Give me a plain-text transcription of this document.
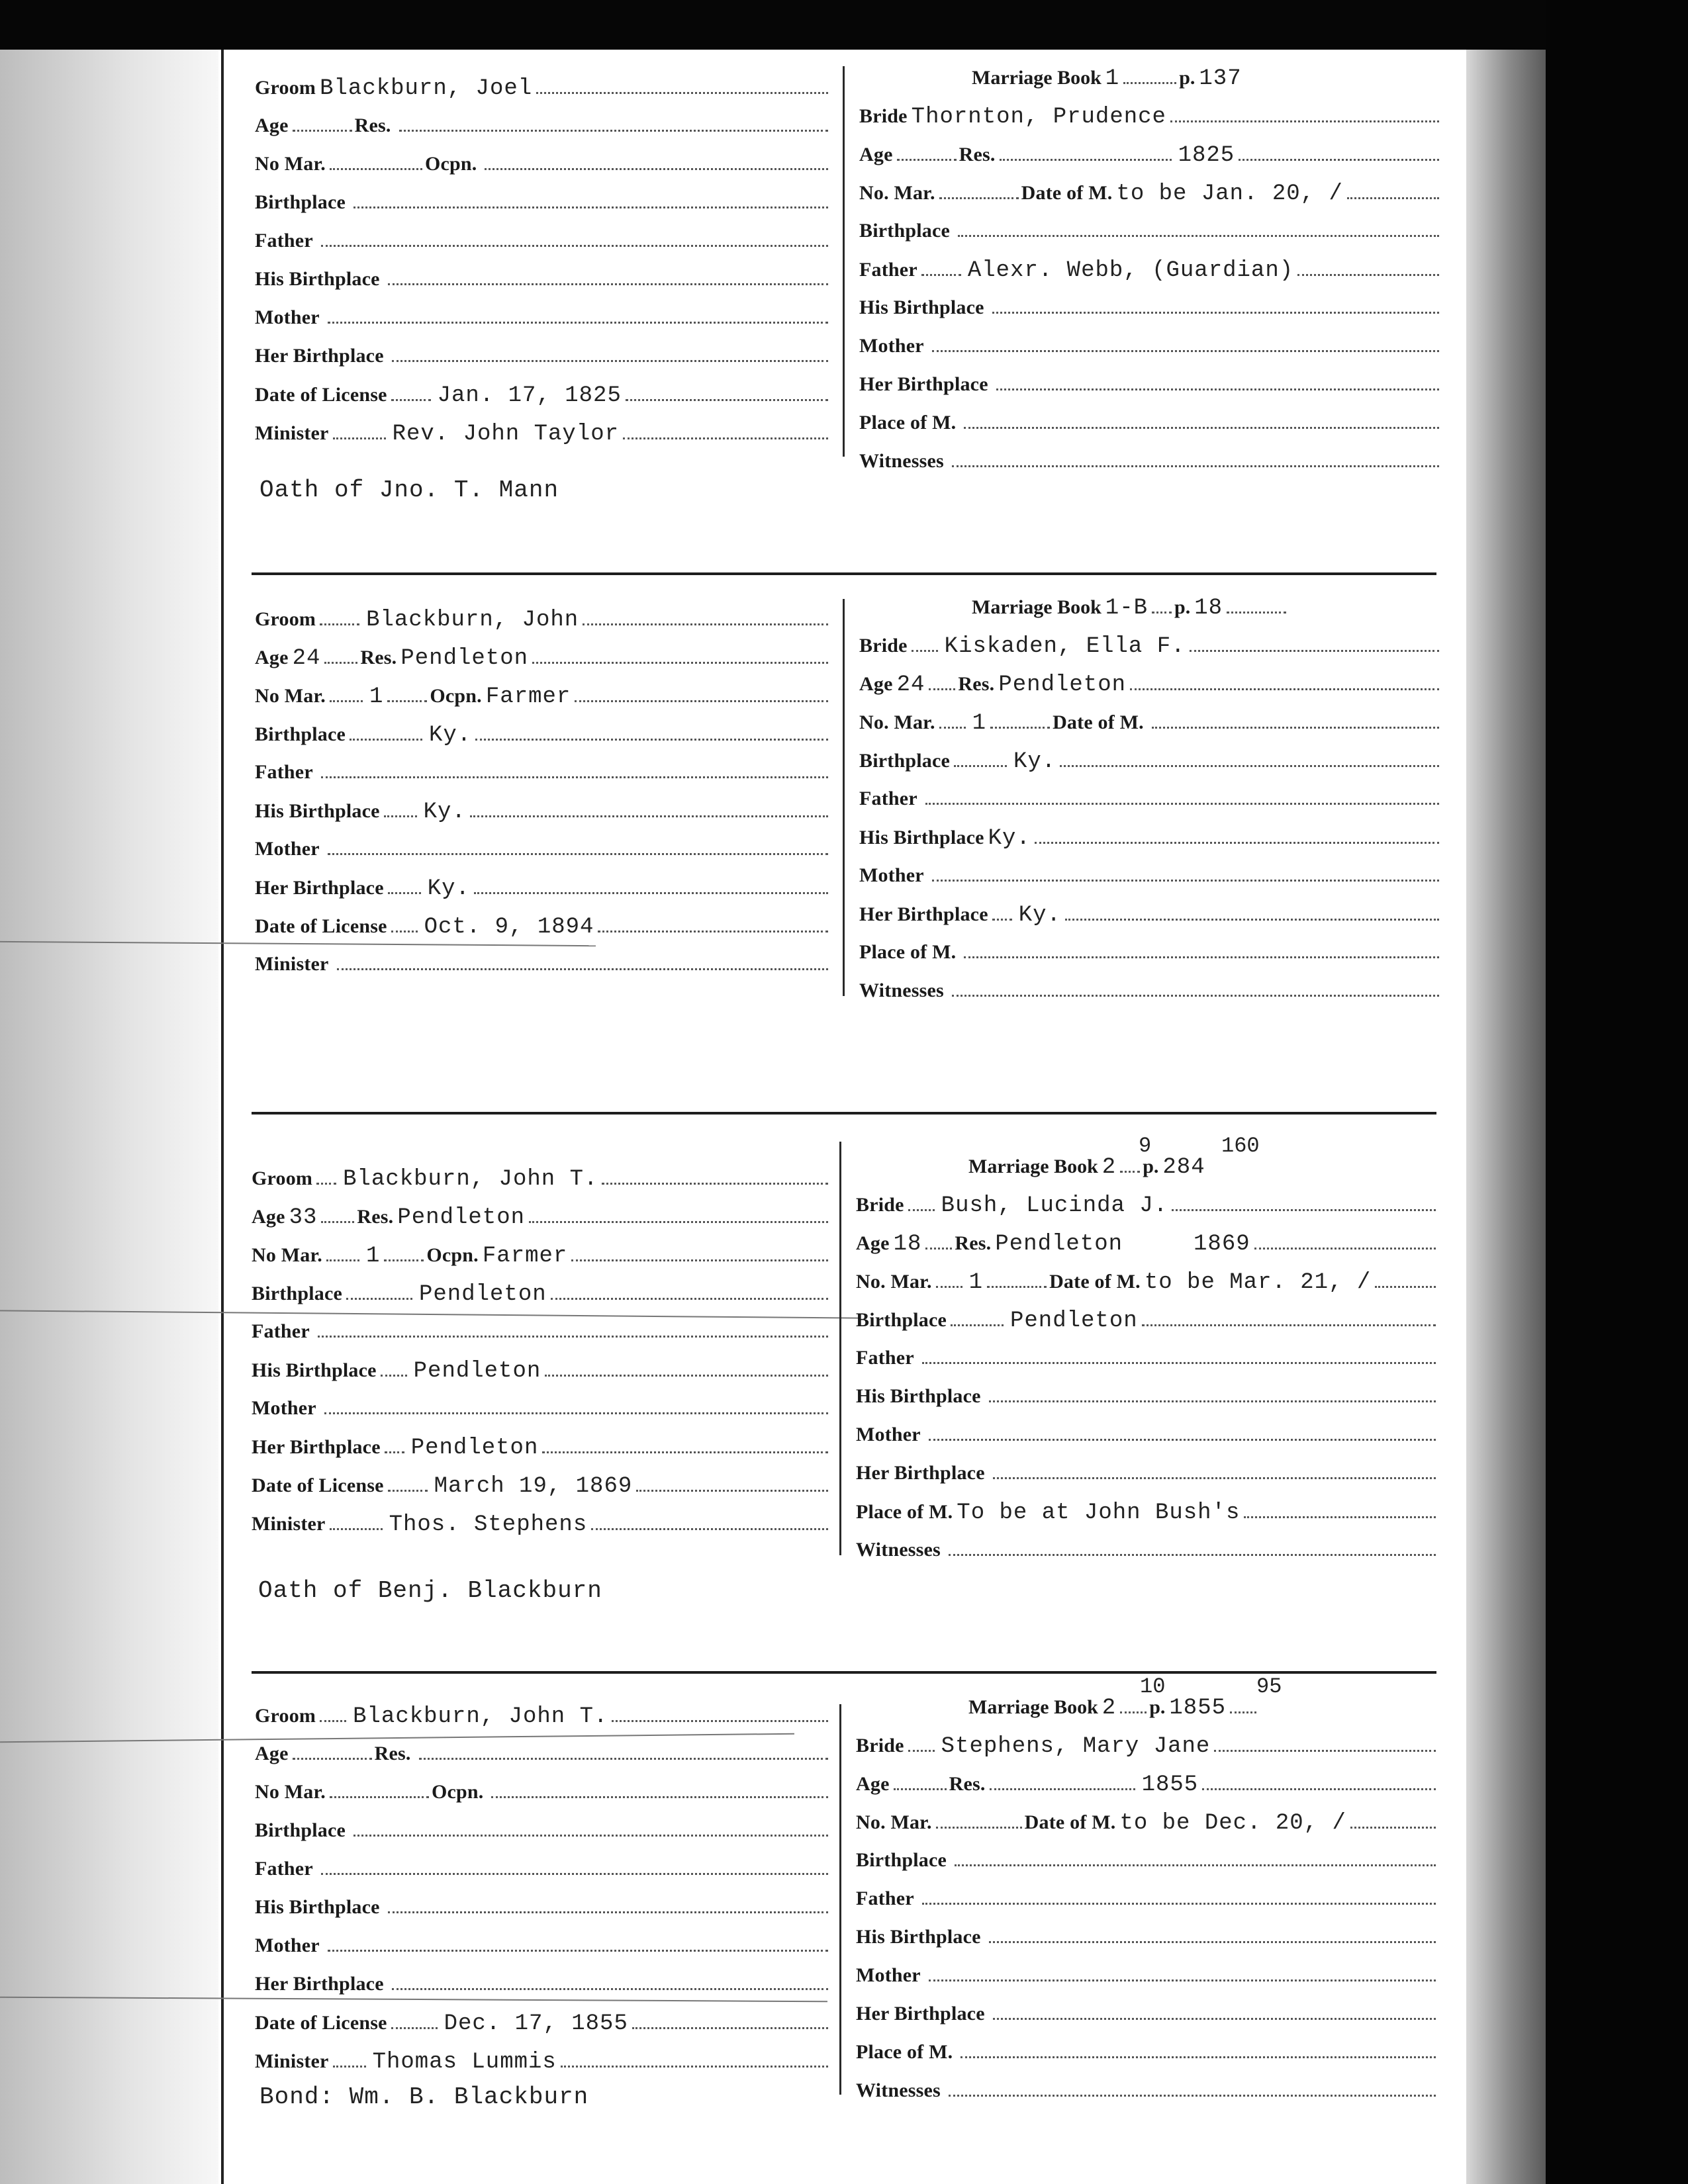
Groom Blackburn, Joel
Age	Res.
No Mar.	Ocpn.
Birthplace
Father
His Birthplace
Mother
Her Birthplace
Date of License Jan. 17, 1825
Minister	Rev. John Taylor
Marriage Book 1	p. 137
Bride Thornton, Prudence
Age	Res.	1825
No. Mar.	Date of M. to be Jan. 20, /
Birthplace
Father Alexr. Webb, (Guardian)
His Birthplace
Mother
Her Birthplace
Place of M.
Witnesses
Oath of Jno. T. Mann
Groom Blackburn, John
Age 24 Res. Pendleton
No Mar. 1 Ocpn. Farmer
Birthplace	Ky.
Father
His Birthplace Ky.
Mother
Her Birthplace Ky.
Date of License Oct. 9, 1894
Minister
Marriage Book 1-B p. 18
Bride Kiskaden, Ella F.
Age 24 Res. Pendleton
No. Mar. 1	Date of M.
Birthplace	Ky.
Father
His Birthplace Ky.
Mother
Her Birthplace Ky.
Place of M.
Witnesses
9	160
Groom Blackburn, John T.
Age 33 Res. Pendleton
No Mar. 1 Ocpn. Farmer
Birthplace	Pendleton
Father
His Birthplace Pendleton
Mother
Her Birthplace Pendleton
Date of License March 19, 1869
Minister	Thos. Stephens
Marriage Book 2 p. 284
Bride Bush, Lucinda J.
Age 18 Res. Pendleton     1869
No. Mar. 1	Date of M. to be Mar. 21, /
Birthplace	Pendleton
Father
His Birthplace
Mother
Her Birthplace
Place of M. To be at John Bush's
Witnesses
Oath of Benj. Blackburn
10	95
Groom Blackburn, John T.
Age	Res.
No Mar.	Ocpn.
Birthplace
Father
His Birthplace
Mother
Her Birthplace
Date of License	Dec. 17, 1855
Minister Thomas Lummis
Marriage Book 2 p. 1855
Bride Stephens, Mary Jane
Age	Res.	1855
No. Mar.	Date of M. to be Dec. 20, /
Birthplace
Father
His Birthplace
Mother
Her Birthplace
Place of M.
Witnesses
Bond: Wm. B. Blackburn
